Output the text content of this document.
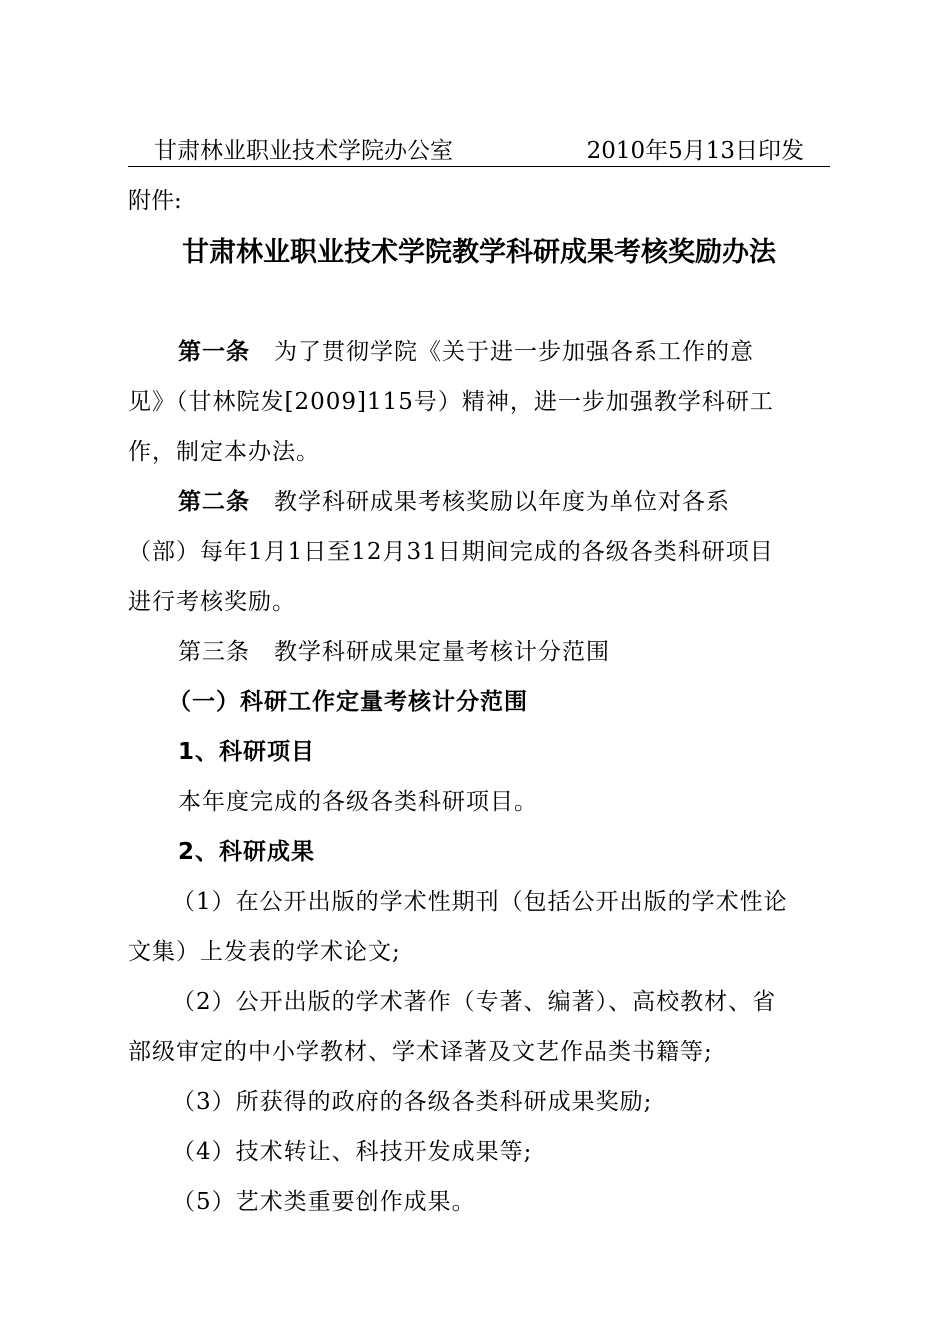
甘肃林业职业技术学院办公室	2010年5月13日印发
附件:
甘肃林业职业技术学院教学科研成果考核奖励办法
第一条 为了贯彻学院《关于进一步加强各系工作的意
见》（甘林院发[2009]115号）精神，进一步加强教学科研工
作，制定本办法。
第二条 教学科研成果考核奖励以年度为单位对各系
（部）每年1月1日至12月31日期间完成的各级各类科研项目
进行考核奖励。
第三条 教学科研成果定量考核计分范围
（一）科研工作定量考核计分范围
1、科研项目
本年度完成的各级各类科研项目。
2、科研成果
（1）在公开出版的学术性期刊（包括公开出版的学术性论
文集）上发表的学术论文;
（2）公开出版的学术著作（专著、编著）、高校教材、省
部级审定的中小学教材、学术译著及文艺作品类书籍等;
（3）所获得的政府的各级各类科研成果奖励;
（4）技术转让、科技开发成果等;
（5）艺术类重要创作成果。
